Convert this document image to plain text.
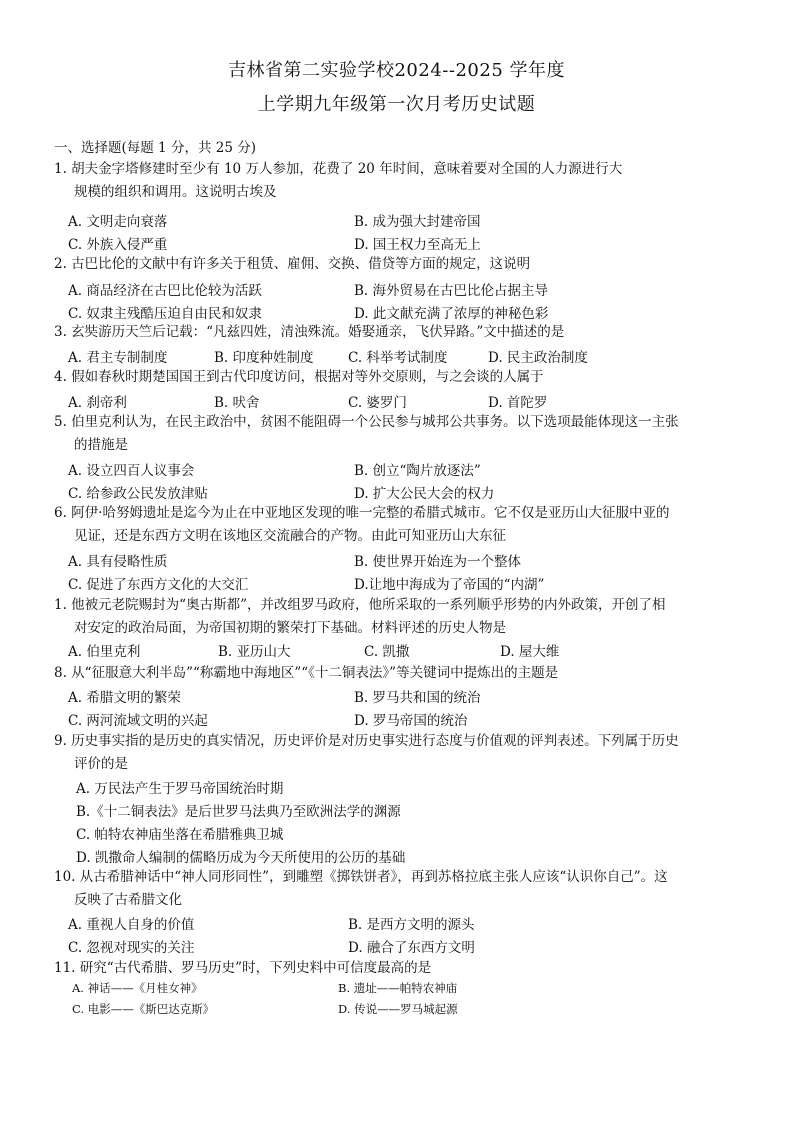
吉林省第二实验学校2024--2025 学年度
上学期九年级第一次月考历史试题
一、选择题(每题 1 分，共 25 分)
1. 胡夫金字塔修建时至少有 10 万人参加，花费了 20 年时间，意味着要对全国的人力源进行大
规模的组织和调用。这说明古埃及
A. 文明走向衰落	B. 成为强大封建帝国
C. 外族入侵严重	D. 国王权力至高无上
2. 古巴比伦的文献中有许多关于租赁、雇佣、交换、借贷等方面的规定，这说明
A. 商品经济在古巴比伦较为活跃	B. 海外贸易在古巴比伦占据主导
C. 奴隶主残酷压迫自由民和奴隶	D. 此文献充满了浓厚的神秘色彩
3. 玄奘游历天竺后记载：“凡兹四姓，清浊殊流。婚娶通亲，飞伏异路。”文中描述的是
A. 君主专制制度	B. 印度种姓制度	C. 科举考试制度	D. 民主政治制度
4. 假如春秋时期楚国国王到古代印度访问，根据对等外交原则，与之会谈的人属于
A. 刹帝利	B. 吠舍	C. 婆罗门	D. 首陀罗
5. 伯里克利认为，在民主政治中，贫困不能阻碍一个公民参与城邦公共事务。以下选项最能体现这一主张
的措施是
A. 设立四百人议事会	B. 创立“陶片放逐法”
C. 给参政公民发放津贴	D. 扩大公民大会的权力
6. 阿伊·哈努姆遗址是迄今为止在中亚地区发现的唯一完整的希腊式城市。它不仅是亚历山大征服中亚的
见证，还是东西方文明在该地区交流融合的产物。由此可知亚历山大东征
A. 具有侵略性质	B. 使世界开始连为一个整体
C. 促进了东西方文化的大交汇	D.让地中海成为了帝国的“内湖”
1. 他被元老院赐封为“奥古斯都”，并改组罗马政府，他所采取的一系列顺乎形势的内外政策，开创了相
对安定的政治局面，为帝国初期的繁荣打下基础。材料评述的历史人物是
A. 伯里克利	B. 亚历山大	C. 凯撒	D. 屋大维
8. 从“征服意大利半岛”“称霸地中海地区”“《十二铜表法》”等关键词中提炼出的主题是
A. 希腊文明的繁荣	B. 罗马共和国的统治
C. 两河流域文明的兴起	D. 罗马帝国的统治
9. 历史事实指的是历史的真实情况，历史评价是对历史事实进行态度与价值观的评判表述。下列属于历史
评价的是
A. 万民法产生于罗马帝国统治时期
B.《十二铜表法》是后世罗马法典乃至欧洲法学的渊源
C. 帕特农神庙坐落在希腊雅典卫城
D. 凯撒命人编制的儒略历成为今天所使用的公历的基础
10. 从古希腊神话中“神人同形同性”，到雕塑《掷铁饼者》，再到苏格拉底主张人应该“认识你自己”。这
反映了古希腊文化
A. 重视人自身的价值	B. 是西方文明的源头
C. 忽视对现实的关注	D. 融合了东西方文明
11. 研究“古代希腊、罗马历史”时，下列史料中可信度最高的是
A. 神话——《月桂女神》	B. 遗址——帕特农神庙
C. 电影——《斯巴达克斯》	D. 传说——罗马城起源
